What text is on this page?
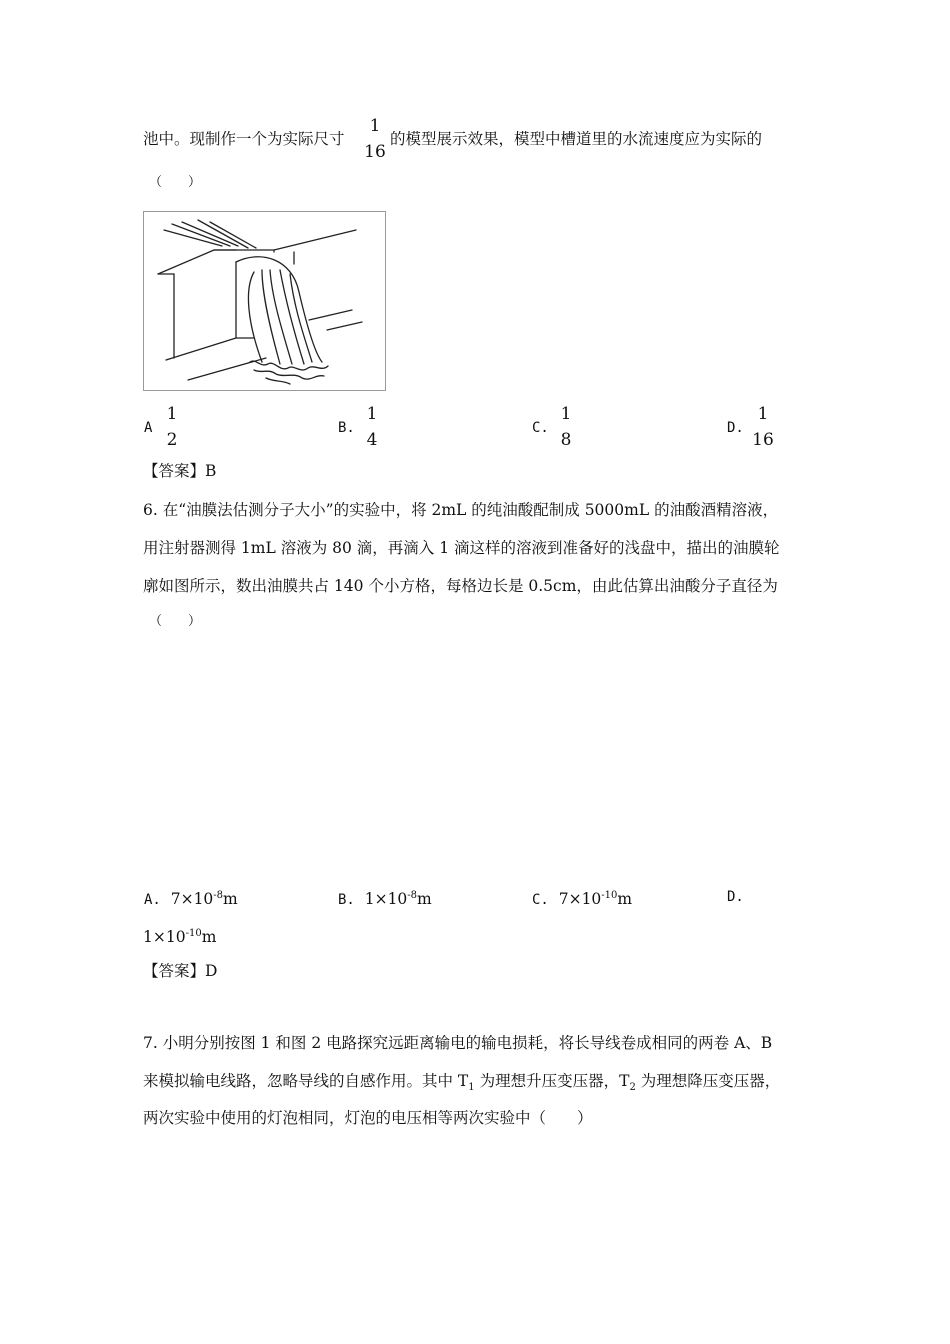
池中。现制作一个为实际尺寸
1
16
的模型展示效果，模型中槽道里的水流速度应为实际的
（　　）
A
1
2
B.
1
4
C.
1
8
D.
1
16
【答案】B
6. 在“油膜法估测分子大小”的实验中，将 2mL 的纯油酸配制成 5000mL 的油酸酒精溶液，
用注射器测得 1mL 溶液为 80 滴，再滴入 1 滴这样的溶液到准备好的浅盘中，描出的油膜轮
廓如图所示，数出油膜共占 140 个小方格，每格边长是 0.5cm，由此估算出油酸分子直径为
（　　）
A. $7\times 10^{-8}m$	B. $1\times 10^{-8}m$	C. $7\times 10^{-10}m$	D.
$1\times 10^{-10}m$
【答案】D
7. 小明分别按图 1 和图 2 电路探究远距离输电的输电损耗，将长导线卷成相同的两卷 A、B
来模拟输电线路，忽略导线的自感作用。其中 $T_1$ 为理想升压变压器，$T_2$ 为理想降压变压器，
两次实验中使用的灯泡相同，灯泡的电压相等两次实验中（　　）
